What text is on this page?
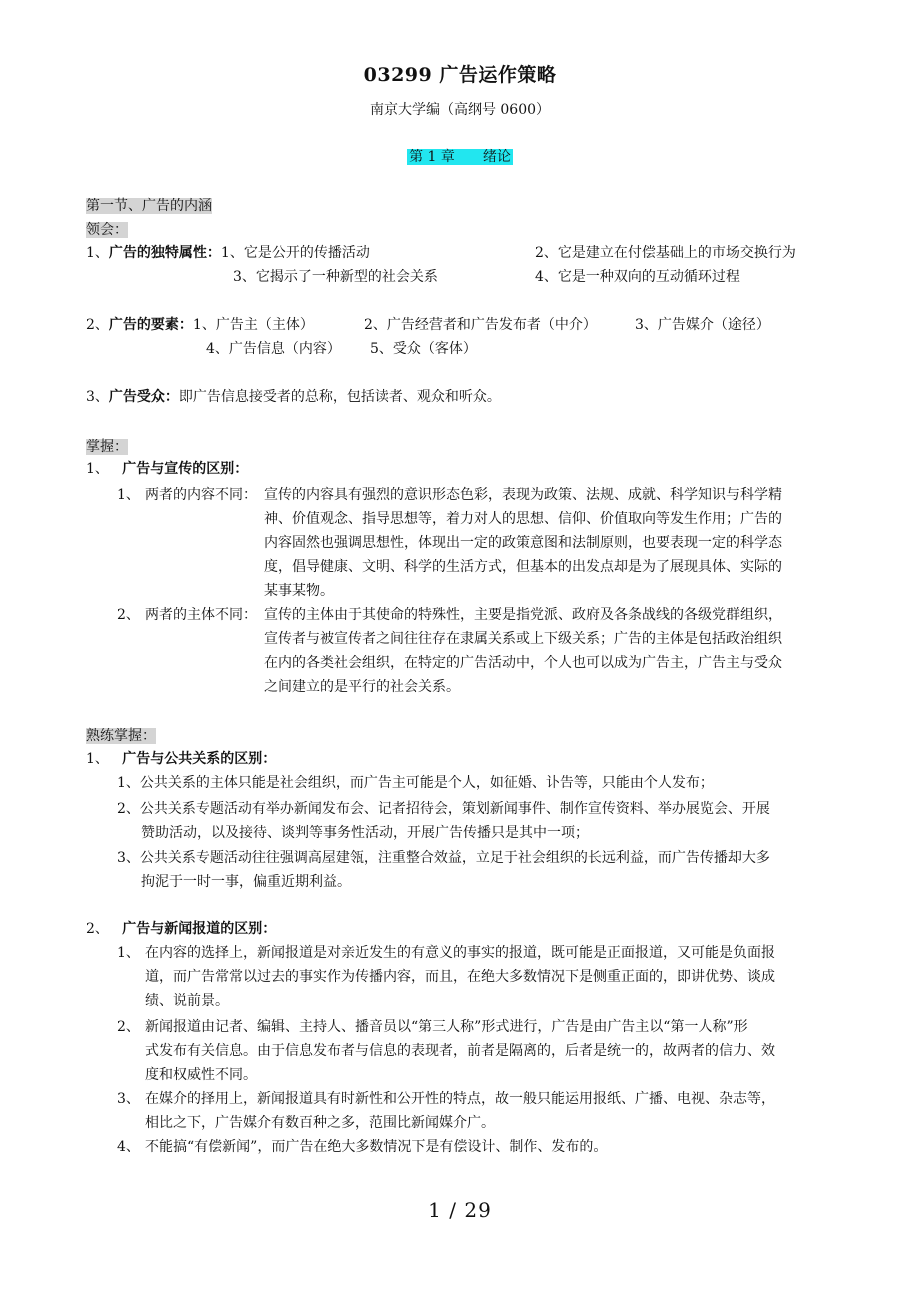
03299 广告运作策略
南京大学编（高纲号 0600）
第 1 章　　绪论
第一节、广告的内涵
领会：
1、广告的独特属性：1、它是公开的传播活动	2、它是建立在付偿基础上的市场交换行为
3、它揭示了一种新型的社会关系	4、它是一种双向的互动循环过程
2、广告的要素：1、广告主（主体）	2、广告经营者和广告发布者（中介）	3、广告媒介（途径）
4、广告信息（内容） 5、受众（客体）
3、广告受众：即广告信息接受者的总称，包括读者、观众和听众。
掌握：
1、 广告与宣传的区别：
1、 两者的内容不同： 宣传的内容具有强烈的意识形态色彩，表现为政策、法规、成就、科学知识与科学精
神、价值观念、指导思想等，着力对人的思想、信仰、价值取向等发生作用；广告的
内容固然也强调思想性，体现出一定的政策意图和法制原则，也要表现一定的科学态
度，倡导健康、文明、科学的生活方式，但基本的出发点却是为了展现具体、实际的
某事某物。
2、 两者的主体不同： 宣传的主体由于其使命的特殊性，主要是指党派、政府及各条战线的各级党群组织，
宣传者与被宣传者之间往往存在隶属关系或上下级关系；广告的主体是包括政治组织
在内的各类社会组织，在特定的广告活动中，个人也可以成为广告主，广告主与受众
之间建立的是平行的社会关系。
熟练掌握：
1、 广告与公共关系的区别：
1、公共关系的主体只能是社会组织，而广告主可能是个人，如征婚、讣告等，只能由个人发布；
2、公共关系专题活动有举办新闻发布会、记者招待会，策划新闻事件、制作宣传资料、举办展览会、开展
赞助活动，以及接待、谈判等事务性活动，开展广告传播只是其中一项；
3、公共关系专题活动往往强调高屋建瓴，注重整合效益，立足于社会组织的长远利益，而广告传播却大多
拘泥于一时一事，偏重近期利益。
2、 广告与新闻报道的区别：
1、 在内容的选择上，新闻报道是对亲近发生的有意义的事实的报道，既可能是正面报道，又可能是负面报
道，而广告常常以过去的事实作为传播内容，而且，在绝大多数情况下是侧重正面的，即讲优势、谈成
绩、说前景。
2、 新闻报道由记者、编辑、主持人、播音员以“第三人称”形式进行，广告是由广告主以“第一人称”形
式发布有关信息。由于信息发布者与信息的表现者，前者是隔离的，后者是统一的，故两者的信力、效
度和权威性不同。
3、 在媒介的择用上，新闻报道具有时新性和公开性的特点，故一般只能运用报纸、广播、电视、杂志等，
相比之下，广告媒介有数百种之多，范围比新闻媒介广。
4、 不能搞“有偿新闻”，而广告在绝大多数情况下是有偿设计、制作、发布的。
1 / 29
